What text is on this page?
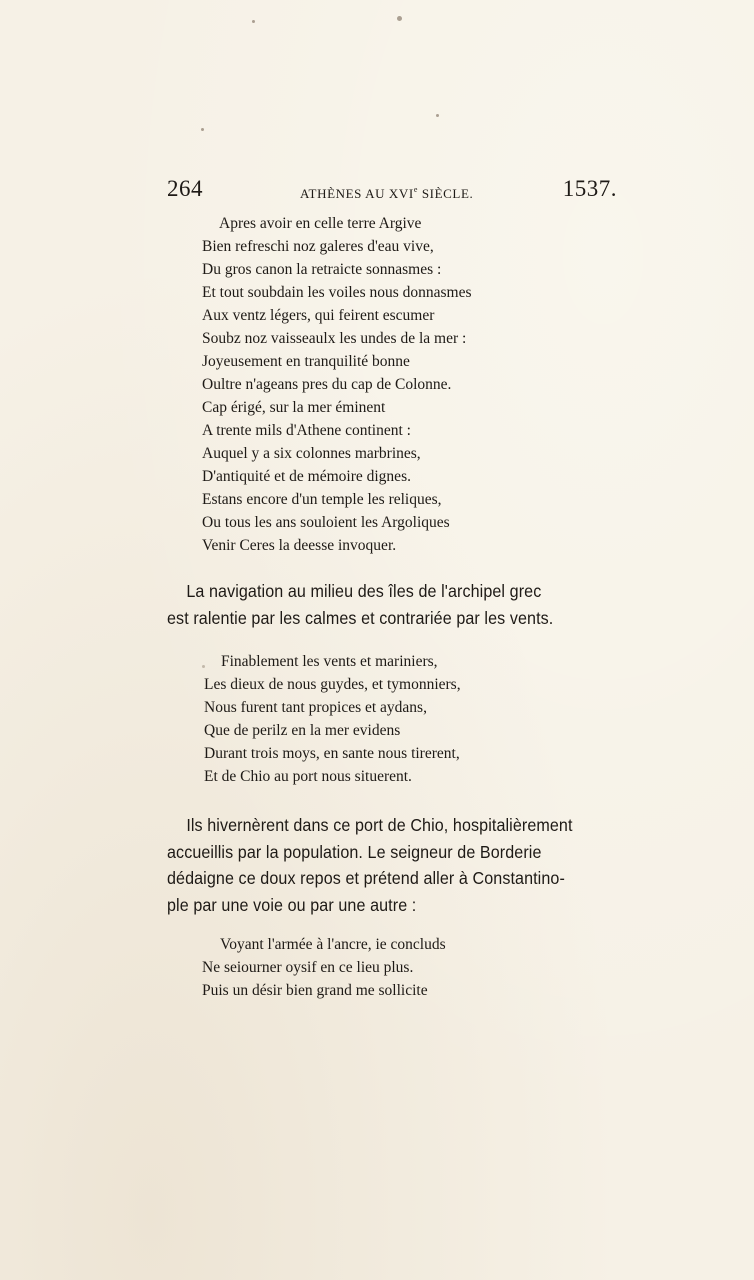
264	ATHÈNES AU XVIe SIÈCLE.	1537.
Apres avoir en celle terre Argive
Bien refreschi noz galeres d'eau vive,
Du gros canon la retraicte sonnasmes :
Et tout soubdain les voiles nous donnasmes
Aux ventz légers, qui feirent escumer
Soubz noz vaisseaulx les undes de la mer :
Joyeusement en tranquilité bonne
Oultre n'ageans pres du cap de Colonne.
Cap érigé, sur la mer éminent
A trente mils d'Athene continent :
Auquel y a six colonnes marbrines,
D'antiquité et de mémoire dignes.
Estans encore d'un temple les reliques,
Ou tous les ans souloient les Argoliques
Venir Ceres la deesse invoquer.
La navigation au milieu des îles de l'archipel grec
est ralentie par les calmes et contrariée par les vents.
Finablement les vents et mariniers,
Les dieux de nous guydes, et tymonniers,
Nous furent tant propices et aydans,
Que de perilz en la mer evidens
Durant trois moys, en sante nous tirerent,
Et de Chio au port nous situerent.
Ils hivernèrent dans ce port de Chio, hospitalièrement
accueillis par la population. Le seigneur de Borderie
dédaigne ce doux repos et prétend aller à Constantino-
ple par une voie ou par une autre :
Voyant l'armée à l'ancre, ie concluds
Ne seiourner oysif en ce lieu plus.
Puis un désir bien grand me sollicite
